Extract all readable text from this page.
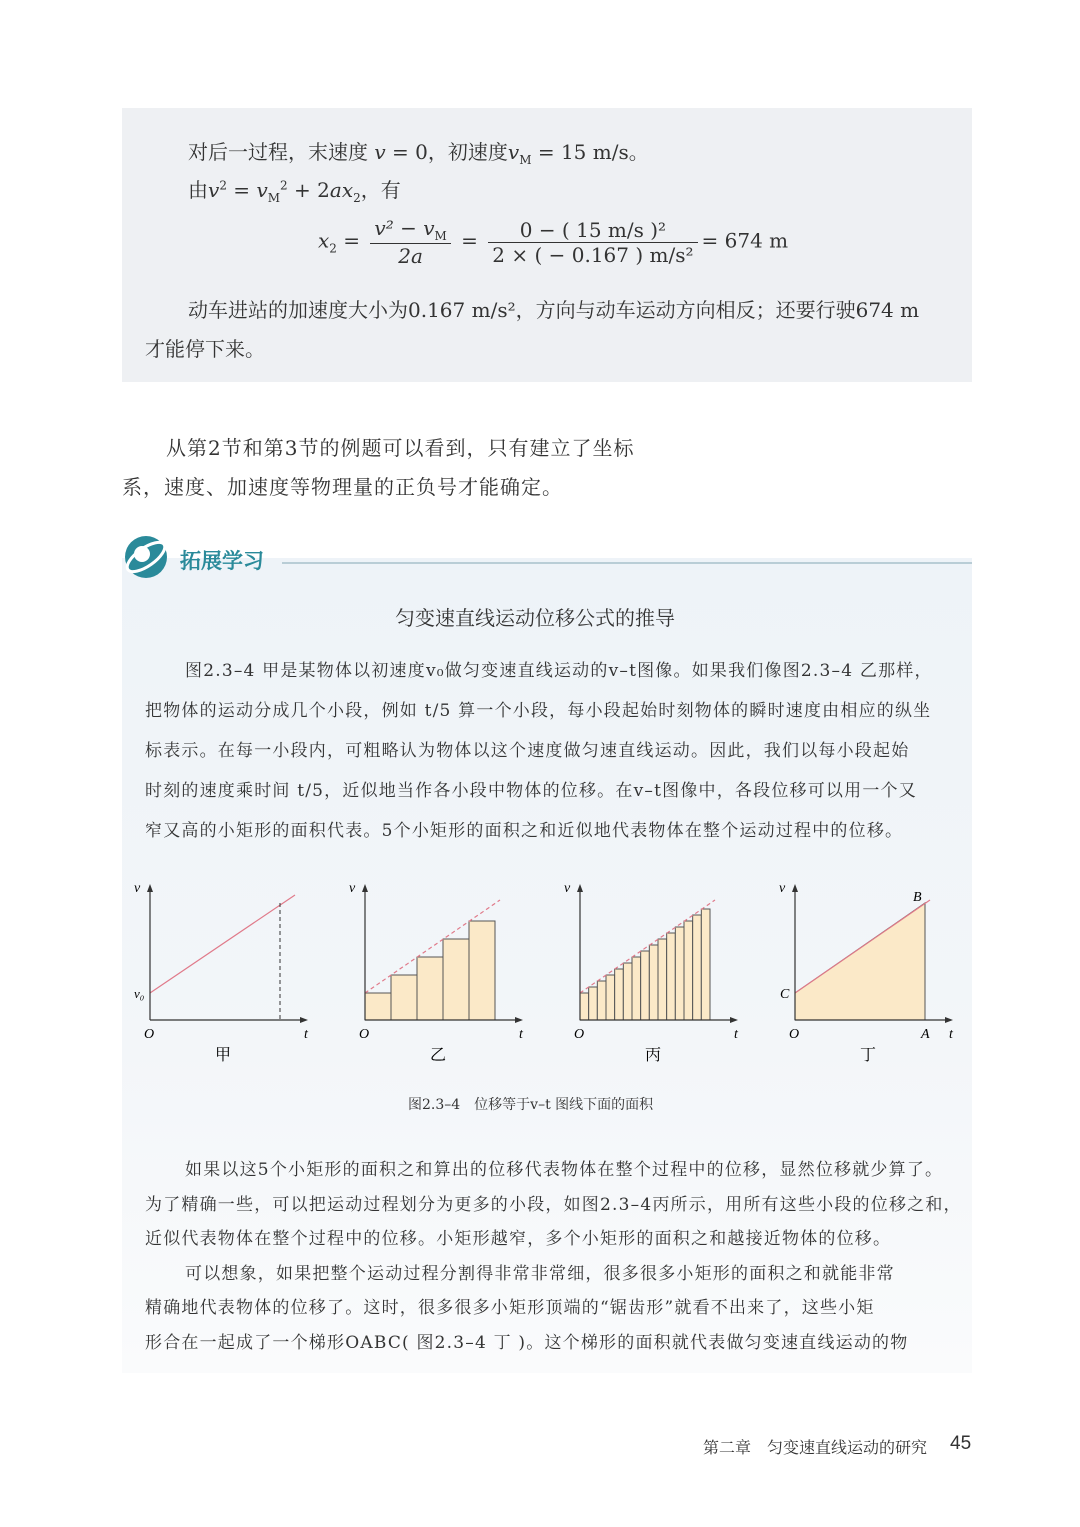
对后一过程，末速度 v = 0，初速度$v_M = 15$ m/s。
由$v^2 = v_M^2 + 2ax_2$，有
$x_2 = \frac{v^2 - v_M}{2a} = \frac{\text{0 − ( 15 m/s )²}}{\text{2 × ( − 0.167 ) m/s²}} = 674$ m
动车进站的加速度大小为0.167 m/s²，方向与动车运动方向相反；还要行驶674 m
才能停下来。
从第2节和第3节的例题可以看到，只有建立了坐标
系，速度、加速度等物理量的正负号才能确定。
拓展学习
匀变速直线运动位移公式的推导
图2.3–4　位移等于v–t 图线下面的面积
第二章　匀变速直线运动的研究 45
图2.3–4 甲是某物体以初速度v₀做匀变速直线运动的v–t图像。如果我们像图2.3–4 乙那样，
把物体的运动分成几个小段，例如 t/5 算一个小段，每小段起始时刻物体的瞬时速度由相应的纵坐
标表示。在每一小段内，可粗略认为物体以这个速度做匀速直线运动。因此，我们以每小段起始
时刻的速度乘时间 t/5，近似地当作各小段中物体的位移。在v–t图像中，各段位移可以用一个又
窄又高的小矩形的面积代表。5个小矩形的面积之和近似地代表物体在整个运动过程中的位移。
如果以这5个小矩形的面积之和算出的位移代表物体在整个过程中的位移，显然位移就少算了。
为了精确一些，可以把运动过程划分为更多的小段，如图2.3–4丙所示，用所有这些小段的位移之和，
近似代表物体在整个过程中的位移。小矩形越窄，多个小矩形的面积之和越接近物体的位移。
可以想象，如果把整个运动过程分割得非常非常细，很多很多小矩形的面积之和就能非常
精确地代表物体的位移了。这时，很多很多小矩形顶端的“锯齿形”就看不出来了，这些小矩
形合在一起成了一个梯形OABC( 图2.3–4 丁 )。这个梯形的面积就代表做匀变速直线运动的物
v₀
v
t
O
甲
v
t
O
乙
v
t
O
丙
C
B
A
v
t
O
丁
